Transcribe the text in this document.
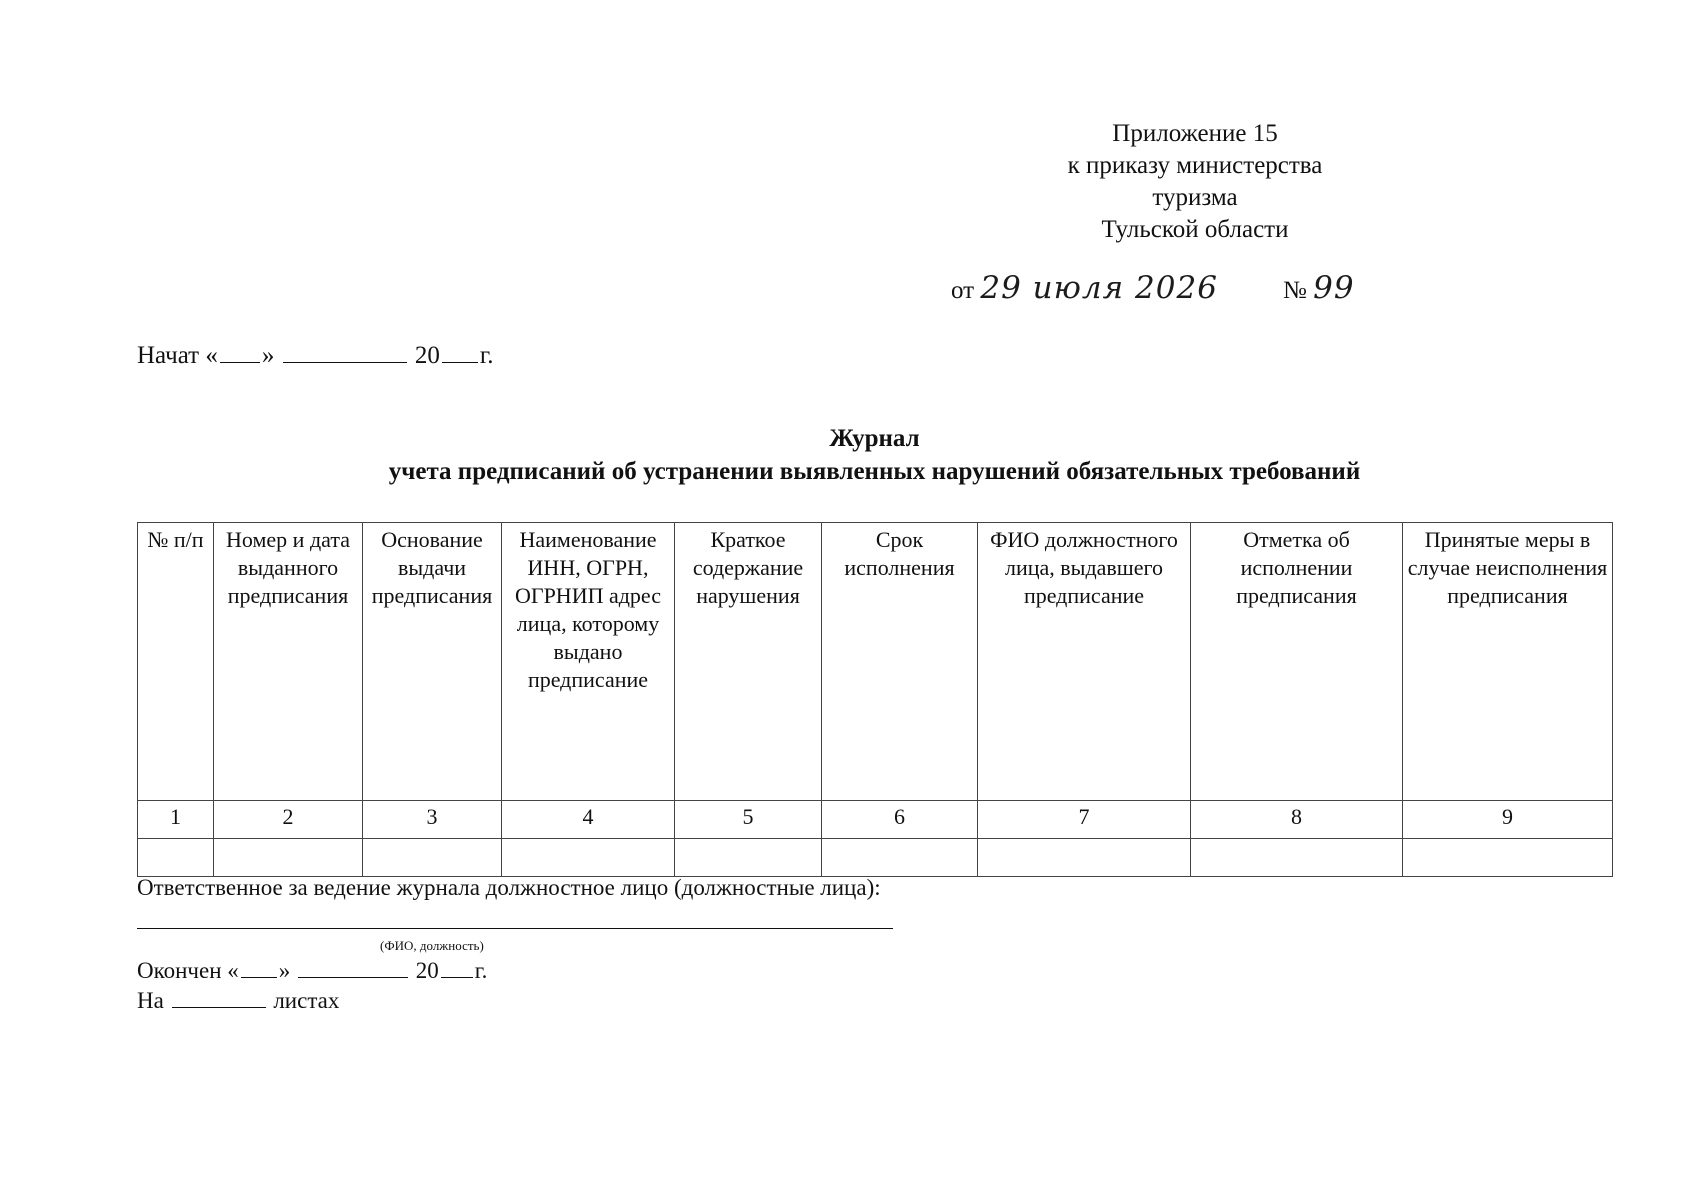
Приложение 15
к приказу министерства
туризма
Тульской области
от 29 июля 2026	№ 99
Начат « »	20 г.
Журнал
учета предписаний об устранении выявленных нарушений обязательных требований
№ п/п	Номер и дата выданного предписания	Основание выдачи предписания	Наименование ИНН, ОГРН, ОГРНИП адрес лица, которому выдано предписание	Краткое содержание нарушения	Срок исполнения	ФИО должностного лица, выдавшего предписание	Отметка об исполнении предписания	Принятые меры в случае неисполнения предписания
1	2	3	4	5	6	7	8	9

Ответственное за ведение журнала должностное лицо (должностные лица):
(ФИО, должность)
Окончен « »	20 г.
На	листах
